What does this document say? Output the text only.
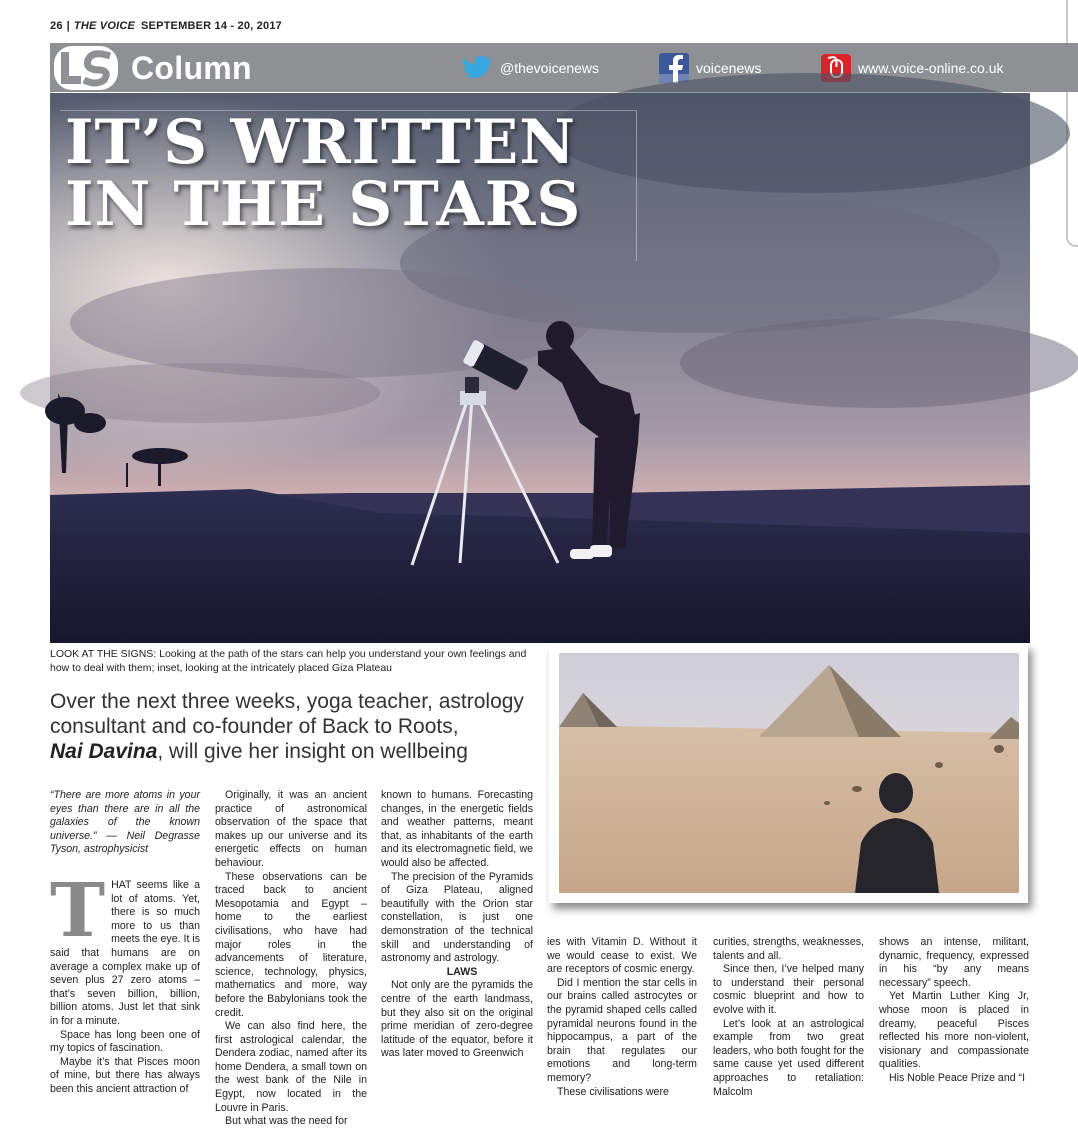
26 | THE VOICE SEPTEMBER 14 - 20, 2017
Column	@thevoicenews	voicenews	www.voice-online.co.uk
IT’S WRITTEN
IN THE STARS
LOOK AT THE SIGNS: Looking at the path of the stars can help you understand your own feelings and how to deal with them; inset, looking at the intricately placed Giza Plateau
Over the next three weeks, yoga teacher, astrology consultant and co-founder of Back to Roots,
Nai Davina, will give her insight on wellbeing

“There are more atoms in your eyes than there are in all the galaxies of the known universe.” — Neil Degrasse Tyson, astrophysicist

T HAT seems like a lot of atoms. Yet, there is so much more to us than meets the eye. It is said that humans are on average a complex make up of seven plus 27 zero atoms – that’s seven billion, billion, billion atoms. Just let that sink in for a minute.

Space has long been one of my topics of fascination.

Maybe it’s that Pisces moon of mine, but there has always been this ancient attraction of

Originally, it was an ancient practice of astronomical observation of the space that makes up our universe and its energetic effects on human behaviour.

These observations can be traced back to ancient Mesopotamia and Egypt – home to the earliest civilisations, who have had major roles in the advancements of literature, science, technology, physics, mathematics and more, way before the Babylonians took the credit.

We can also find here, the first astrological calendar, the Dendera zodiac, named after its home Dendera, a small town on the west bank of the Nile in Egypt, now located in the Louvre in Paris.

But what was the need for

known to humans. Forecasting changes, in the energetic fields and weather patterns, meant that, as inhabitants of the earth and its electromagnetic field, we would also be affected.

The precision of the Pyramids of Giza Plateau, aligned beautifully with the Orion star constellation, is just one demonstration of the technical skill and understanding of astronomy and astrology.

LAWS

Not only are the pyramids the centre of the earth landmass, but they also sit on the original prime meridian of zero-degree latitude of the equator, before it was later moved to Greenwich

ies with Vitamin D. Without it we would cease to exist. We are receptors of cosmic energy.

Did I mention the star cells in our brains called astrocytes or the pyramid shaped cells called pyramidal neurons found in the hippocampus, a part of the brain that regulates our emotions and long-term memory?

These civilisations were

curities, strengths, weaknesses, talents and all.

Since then, I’ve helped many to understand their personal cosmic blueprint and how to evolve with it.

Let’s look at an astrological example from two great leaders, who both fought for the same cause yet used different approaches to retaliation: Malcolm

shows an intense, militant, dynamic, frequency, expressed in his “by any means necessary” speech.

Yet Martin Luther King Jr, whose moon is placed in dreamy, peaceful Pisces reflected his more non-violent, visionary and compassionate qualities.

His Noble Peace Prize and “I
